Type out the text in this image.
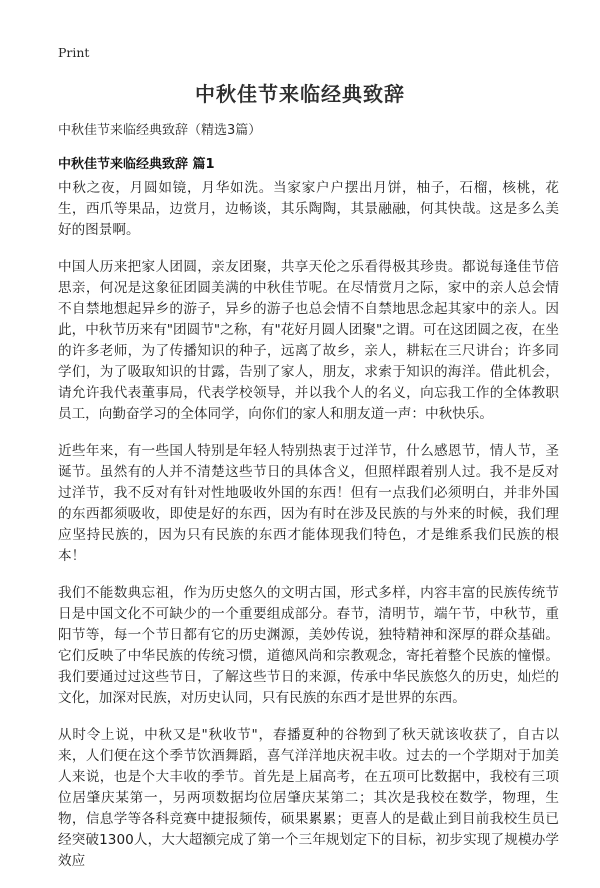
Print
中秋佳节来临经典致辞

中秋佳节来临经典致辞（精选3篇）

中秋佳节来临经典致辞 篇1

中秋之夜，月圆如镜，月华如洗。当家家户户摆出月饼，柚子，石榴，核桃，花生，西爪等果品，边赏月，边畅谈，其乐陶陶，其景融融，何其快哉。这是多么美好的图景啊。

中国人历来把家人团圆，亲友团聚，共享天伦之乐看得极其珍贵。都说每逢佳节倍思亲，何况是这象征团圆美满的中秋佳节呢。在尽情赏月之际，家中的亲人总会情不自禁地想起异乡的游子，异乡的游子也总会情不自禁地思念起其家中的亲人。因此，中秋节历来有"团圆节"之称，有"花好月圆人团聚"之谓。可在这团圆之夜，在坐的许多老师，为了传播知识的种子，远离了故乡，亲人，耕耘在三尺讲台；许多同学们，为了吸取知识的甘露，告别了家人，朋友，求索于知识的海洋。借此机会，请允许我代表董事局，代表学校领导，并以我个人的名义，向忘我工作的全体教职员工，向勤奋学习的全体同学，向你们的家人和朋友道一声：中秋快乐。

近些年来，有一些国人特别是年轻人特别热衷于过洋节，什么感恩节，情人节，圣诞节。虽然有的人并不清楚这些节日的具体含义，但照样跟着别人过。我不是反对过洋节，我不反对有针对性地吸收外国的东西！但有一点我们必须明白，并非外国的东西都须吸收，即使是好的东西，因为有时在涉及民族的与外来的时候，我们理应坚持民族的，因为只有民族的东西才能体现我们特色，才是维系我们民族的根本！

我们不能数典忘祖，作为历史悠久的文明古国，形式多样，内容丰富的民族传统节日是中国文化不可缺少的一个重要组成部分。春节，清明节，端午节，中秋节，重阳节等，每一个节日都有它的历史渊源，美妙传说，独特精神和深厚的群众基础。它们反映了中华民族的传统习惯，道德风尚和宗教观念，寄托着整个民族的憧憬。我们要通过过这些节日，了解这些节日的来源，传承中华民族悠久的历史，灿烂的文化，加深对民族，对历史认同，只有民族的东西才是世界的东西。

从时令上说，中秋又是"秋收节"，春播夏种的谷物到了秋天就该收获了，自古以来，人们便在这个季节饮酒舞蹈，喜气洋洋地庆祝丰收。过去的一个学期对于加美人来说，也是个大丰收的季节。首先是上届高考，在五项可比数据中，我校有三项位居肇庆某第一，另两项数据均位居肇庆某第二；其次是我校在数学，物理，生物，信息学等各科竞赛中捷报频传，硕果累累；更喜人的是截止到目前我校生员已经突破1300人，大大超额完成了第一个三年规划定下的目标，初步实现了规模办学效应
